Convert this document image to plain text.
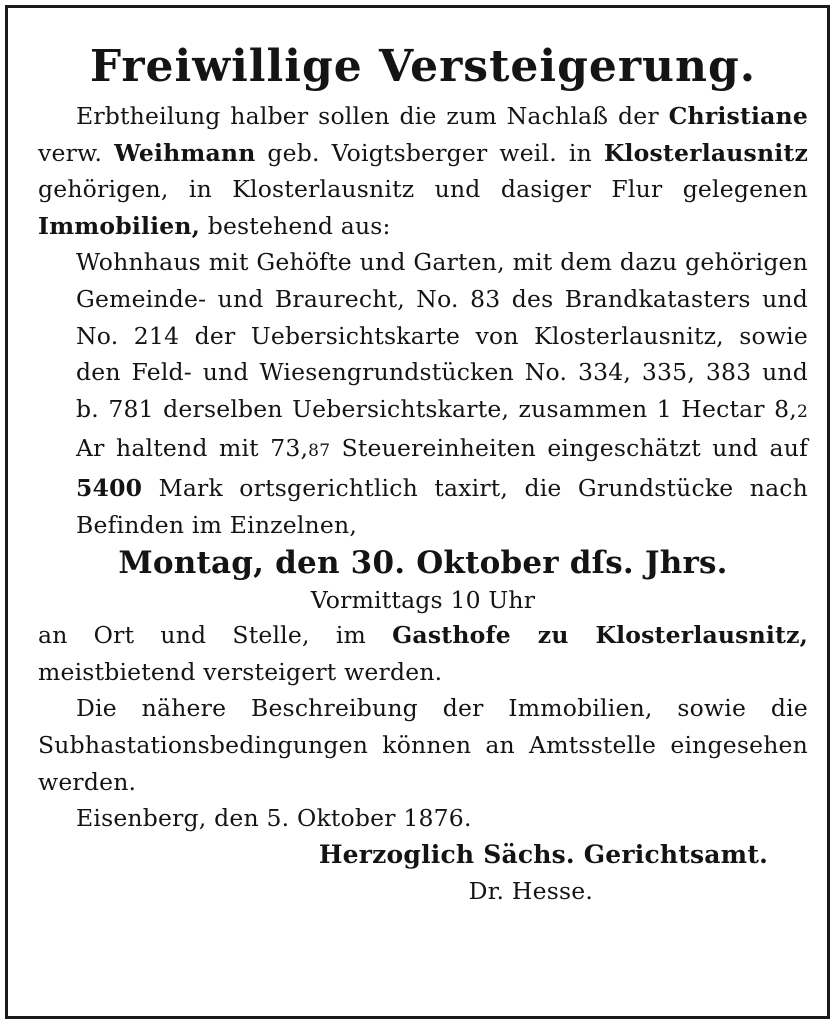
Freiwillige Versteigerung.

Erbtheilung halber sollen die zum Nachlaß der Christiane verw. Weihmann geb. Voigtsberger weil. in Klosterlausnitz gehörigen, in Klosterlausnitz und dasiger Flur gelegenen Immobilien, bestehend aus:

Wohnhaus mit Gehöfte und Garten, mit dem dazu gehörigen Gemeinde- und Braurecht, No. 83 des Brandkatasters und No. 214 der Uebersichtskarte von Klosterlausnitz, sowie den Feld- und Wiesengrundstücken No. 334, 335, 383 und b. 781 derselben Uebersichtskarte, zusammen 1 Hectar 8,2 Ar haltend mit 73,87 Steuereinheiten eingeschätzt und auf 5400 Mark ortsgerichtlich taxirt, die Grundstücke nach Befinden im Einzelnen,

Montag, den 30. Oktober dſs. Jhrs.

Vormittags 10 Uhr

an Ort und Stelle, im Gasthofe zu Klosterlausnitz, meistbietend versteigert werden.

Die nähere Beschreibung der Immobilien, sowie die Subhastationsbedingungen können an Amtsstelle eingesehen werden.

Eisenberg, den 5. Oktober 1876.

Herzoglich Sächs. Gerichtsamt.

Dr. Hesse.
